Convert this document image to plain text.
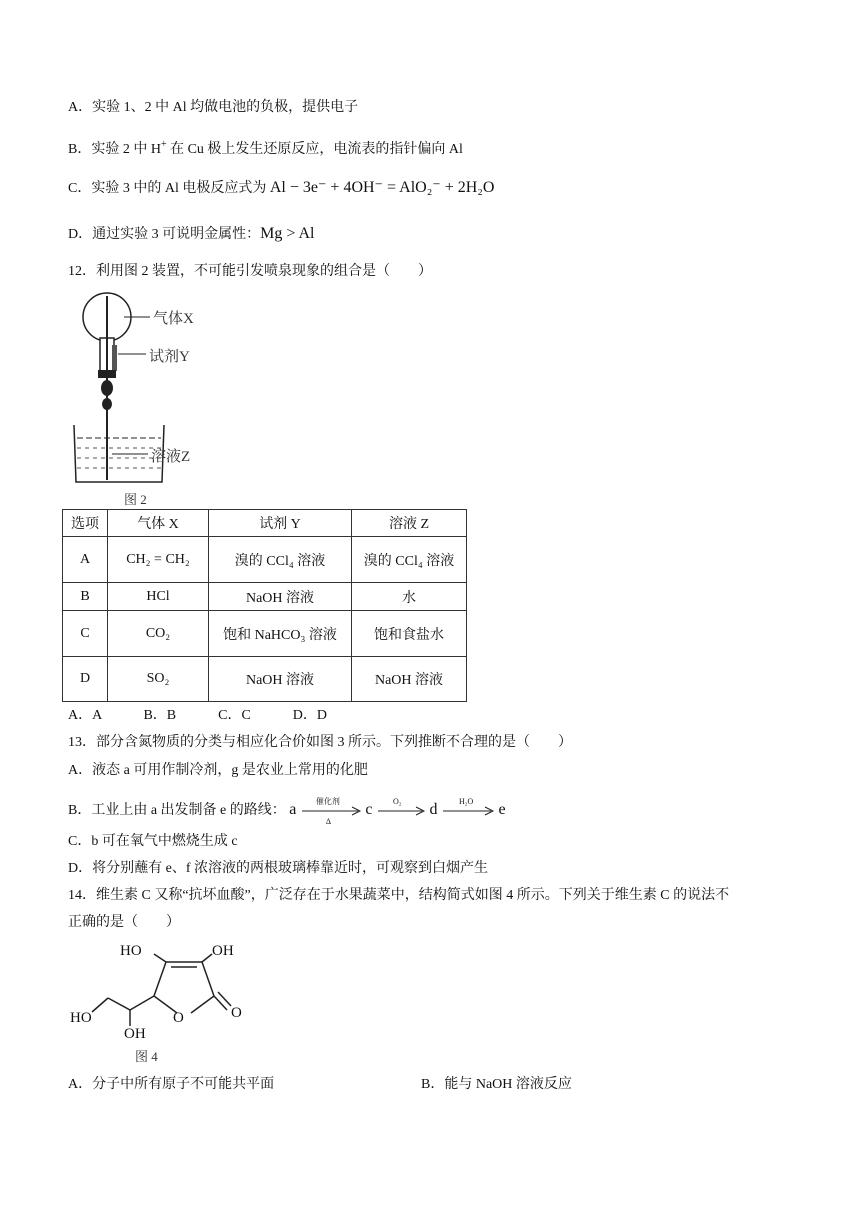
A．实验 1、2 中 Al 均做电池的负极，提供电子
B．实验 2 中 H+ 在 Cu 极上发生还原反应，电流表的指针偏向 Al
C．实验 3 中的 Al 电极反应式为 Al − 3e⁻ + 4OH⁻ = AlO₂⁻ + 2H₂O
D．通过实验 3 可说明金属性：Mg > Al
12．利用图 2 装置，不可能引发喷泉现象的组合是（　　）
气体X
试剂Y
溶液Z
图 2
选项	气体 X	试剂 Y	溶液 Z
A	CH₂ = CH₂	溴的 CCl₄ 溶液	溴的 CCl₄ 溶液
B	HCl	NaOH 溶液	水
C	CO₂	饱和 NaHCO₃ 溶液	饱和食盐水
D	SO₂	NaOH 溶液	NaOH 溶液
A．A　　　B．B　　　C．C　　　D．D
13．部分含氮物质的分类与相应化合价如图 3 所示。下列推断不合理的是（　　）
A．液态 a 可用作制冷剂，g 是农业上常用的化肥
B．工业上由 a 出发制备 e 的路线： a 催化剂
Δ
c	O₂ d	H₂O e
C．b 可在氧气中燃烧生成 c
D．将分别蘸有 e、f 浓溶液的两根玻璃棒靠近时，可观察到白烟产生
14．维生素 C 又称“抗坏血酸”，广泛存在于水果蔬菜中，结构简式如图 4 所示。下列关于维生素 C 的说法不
正确的是（　　）
HO	OH
HO
OH
O	O
图 4
A．分子中所有原子不可能共平面	B．能与 NaOH 溶液反应
